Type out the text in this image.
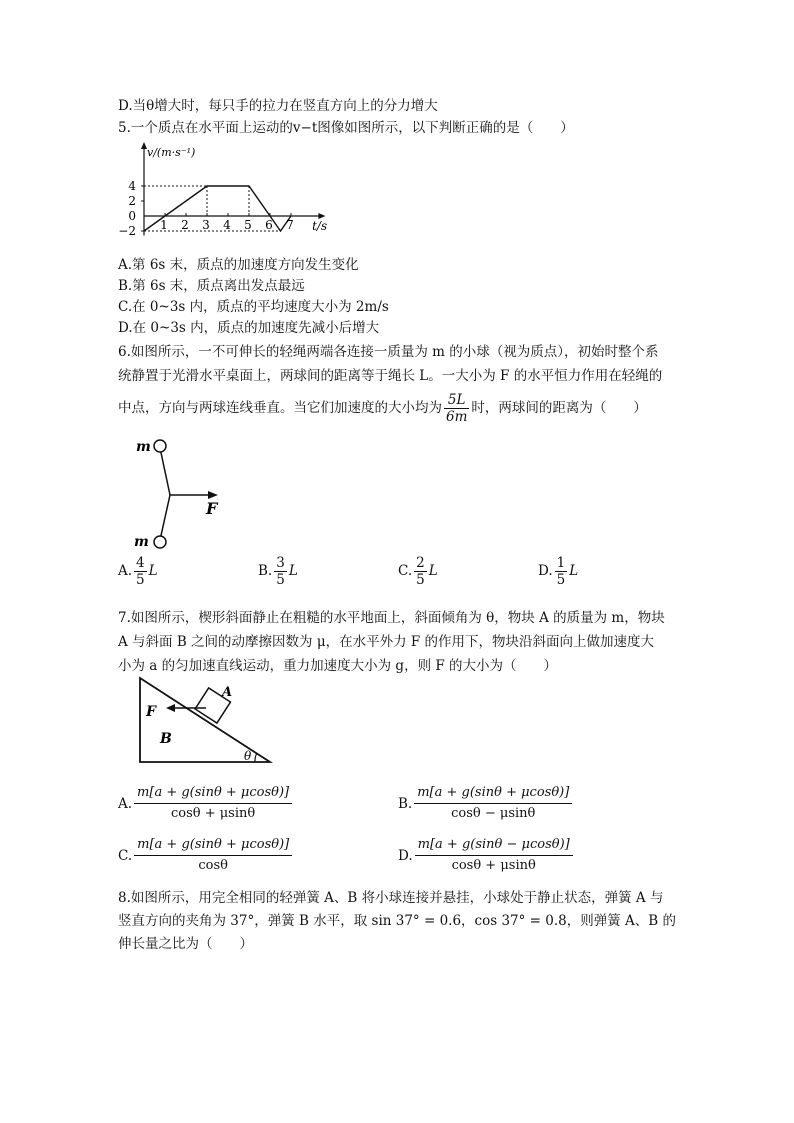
D.当θ增大时，每只手的拉力在竖直方向上的分力增大
5.一个质点在水平面上运动的v−t图像如图所示，以下判断正确的是（　　）
4
2
0
−2 1 2 3 4 5 6 7
v/(m·s⁻¹)
t/s
A.第 6s 末，质点的加速度方向发生变化
B.第 6s 末，质点离出发点最远
C.在 0~3s 内，质点的平均速度大小为 2m/s
D.在 0~3s 内，质点的加速度先减小后增大
6.如图所示，一不可伸长的轻绳两端各连接一质量为 m 的小球（视为质点），初始时整个系
统静置于光滑水平桌面上，两球间的距离等于绳长 L。一大小为 F 的水平恒力作用在轻绳的
中点，方向与两球连线垂直。当它们加速度的大小均为 $\frac{5L}{6m}$ 时，两球间的距离为（　　）
m
m
F
A. $\frac{4}{5}$ L	B. $\frac{3}{5}$ L	C. $\frac{2}{5}$ L	D. $\frac{1}{5}$ L
7.如图所示，楔形斜面静止在粗糙的水平地面上，斜面倾角为 θ，物块 A 的质量为 m，物块
A 与斜面 B 之间的动摩擦因数为 μ，在水平外力 F 的作用下，物块沿斜面向上做加速度大
小为 a 的匀加速直线运动，重力加速度大小为 g，则 F 的大小为（　　）
F
A
B
θ
A. $\frac{m[a + g(\sin\theta + \mu\cos\theta)]}{\cos\theta + \mu\sin\theta}$	B. $\frac{m[a + g(\sin\theta + \mu\cos\theta)]}{\cos\theta - \mu\sin\theta}$
C. $\frac{m[a + g(\sin\theta + \mu\cos\theta)]}{\cos\theta}$	D. $\frac{m[a + g(\sin\theta - \mu\cos\theta)]}{\cos\theta + \mu\sin\theta}$
8.如图所示，用完全相同的轻弹簧 A、B 将小球连接并悬挂，小球处于静止状态，弹簧 A 与
竖直方向的夹角为 37°，弹簧 B 水平，取 sin 37° = 0.6，cos 37° = 0.8，则弹簧 A、B 的
伸长量之比为（　　）
